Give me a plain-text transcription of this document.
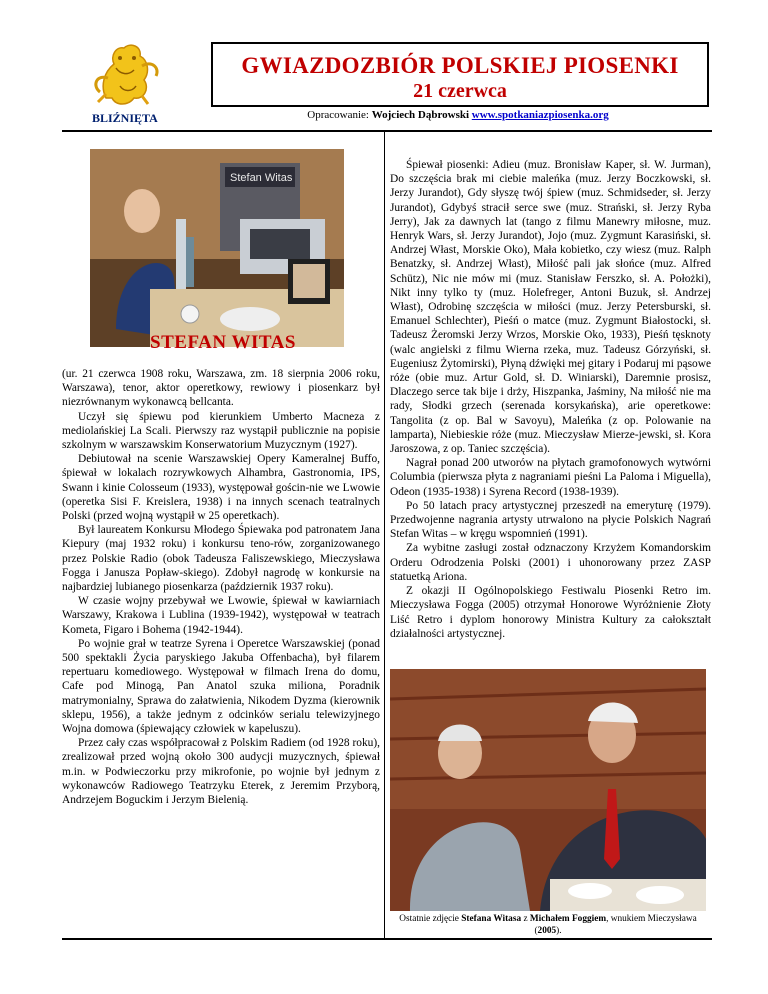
GWIAZDOZBIÓR POLSKIEJ PIOSENKI
21 czerwca
BLIŹNIĘTA	Opracowanie: Wojciech Dąbrowski www.spotkaniazpiosenka.org
Stefan Witas
STEFAN WITAS

(ur. 21 czerwca 1908 roku, Warszawa, zm. 18 sierpnia 2006 roku, Warszawa), tenor, aktor operetkowy, rewiowy i piosenkarz był niezrównanym wykonawcą bellcanta.

Uczył się śpiewu pod kierunkiem Umberto Macneza z mediolańskiej La Scali. Pierwszy raz wystąpił publicznie na popisie szkolnym w warszawskim Konserwatorium Muzycznym (1927).

Debiutował na scenie Warszawskiej Opery Kameralnej Buffo, śpiewał w lokalach rozrywkowych Alhambra, Gastronomia, IPS, Swann i kinie Colosseum (1933), występował gościn-nie we Lwowie (operetka Sisi F. Kreislera, 1938) i na innych scenach teatralnych Polski (przed wojną wystąpił w 25 operetkach).

Był laureatem Konkursu Młodego Śpiewaka pod patronatem Jana Kiepury (maj 1932 roku) i konkursu teno-rów, zorganizowanego przez Polskie Radio (obok Tadeusza Faliszewskiego, Mieczysława Fogga i Janusza Popław-skiego). Zdobył nagrodę w konkursie na najbardziej lubianego piosenkarza (październik 1937 roku).

W czasie wojny przebywał we Lwowie, śpiewał w kawiarniach Warszawy, Krakowa i Lublina (1939-1942), występował w teatrach Kometa, Figaro i Bohema (1942-1944).

Po wojnie grał w teatrze Syrena i Operetce Warszawskiej (ponad 500 spektakli Życia paryskiego Jakuba Offenbacha), był filarem repertuaru komediowego. Występował w filmach Irena do domu, Cafe pod Minogą, Pan Anatol szuka miliona, Poradnik matrymonialny, Sprawa do załatwienia, Nikodem Dyzma (kierownik sklepu, 1956), a także jednym z odcinków serialu telewizyjnego Wojna domowa (śpiewający człowiek w kapeluszu).

Przez cały czas współpracował z Polskim Radiem (od 1928 roku), zrealizował przed wojną około 300 audycji muzycznych, śpiewał m.in. w Podwieczorku przy mikrofonie, po wojnie był jednym z wykonawców Radiowego Teatrzyku Eterek, z Jeremim Przyborą, Andrzejem Boguckim i Jerzym Bielenią.

Śpiewał piosenki: Adieu (muz. Bronisław Kaper, sł. W. Jurman), Do szczęścia brak mi ciebie maleńka (muz. Jerzy Boczkowski, sł. Jerzy Jurandot), Gdy słyszę twój śpiew (muz. Schmidseder, sł. Jerzy Jurandot), Gdybyś stracił serce swe (muz. Strański, sł. Jerzy Ryba Jerry), Jak za dawnych lat (tango z filmu Manewry miłosne, muz. Henryk Wars, sł. Jerzy Jurandot), Jojo (muz. Zygmunt Karasiński, sł. Andrzej Włast, Morskie Oko), Mała kobietko, czy wiesz (muz. Ralph Benatzky, sł. Andrzej Włast), Miłość pali jak słońce (muz. Alfred Schütz), Nic nie mów mi (muz. Stanisław Ferszko, sł. A. Położki), Nikt inny tylko ty (muz. Holefreger, Antoni Buzuk, sł. Andrzej Włast), Odrobinę szczęścia w miłości (muz. Jerzy Petersburski, sł. Emanuel Schlechter), Pieśń o matce (muz. Zygmunt Białostocki, sł. Tadeusz Żeromski Jerzy Wrzos, Morskie Oko, 1933), Pieśń tęsknoty (walc angielski z filmu Wierna rzeka, muz. Tadeusz Górzyński, sł. Eugeniusz Żytomirski), Płyną dźwięki mej gitary i Podaruj mi pąsowe róże (obie muz. Artur Gold, sł. D. Winiarski), Daremnie prosisz, Dlaczego serce tak bije i drży, Hiszpanka, Jaśminy, Na miłość nie ma rady, Słodki grzech (serenada korsykańska), arie operetkowe: Tangolita (z op. Bal w Savoyu), Maleńka (z op. Polowanie na lamparta), Niebieskie róże (muz. Mieczysław Mierze-jewski, sł. Kora Jaroszowa, z op. Taniec szczęścia).

Nagrał ponad 200 utworów na płytach gramofonowych wytwórni Columbia (pierwsza płyta z nagraniami pieśni La Paloma i Miguella), Odeon (1935-1938) i Syrena Record (1938-1939).

Po 50 latach pracy artystycznej przeszedł na emeryturę (1979). Przedwojenne nagrania artysty utrwalono na płycie Polskich Nagrań Stefan Witas – w kręgu wspomnień (1991).

Za wybitne zasługi został odznaczony Krzyżem Komandorskim Orderu Odrodzenia Polski (2001) i uhonorowany przez ZASP statuetką Ariona.

Z okazji II Ogólnopolskiego Festiwalu Piosenki Retro im. Mieczysława Fogga (2005) otrzymał Honorowe Wyróżnienie Złoty Liść Retro i dyplom honorowy Ministra Kultury za całokształt działalności artystycznej.

Ostatnie zdjęcie Stefana Witasa z Michałem Foggiem, wnukiem Mieczysława (2005).
